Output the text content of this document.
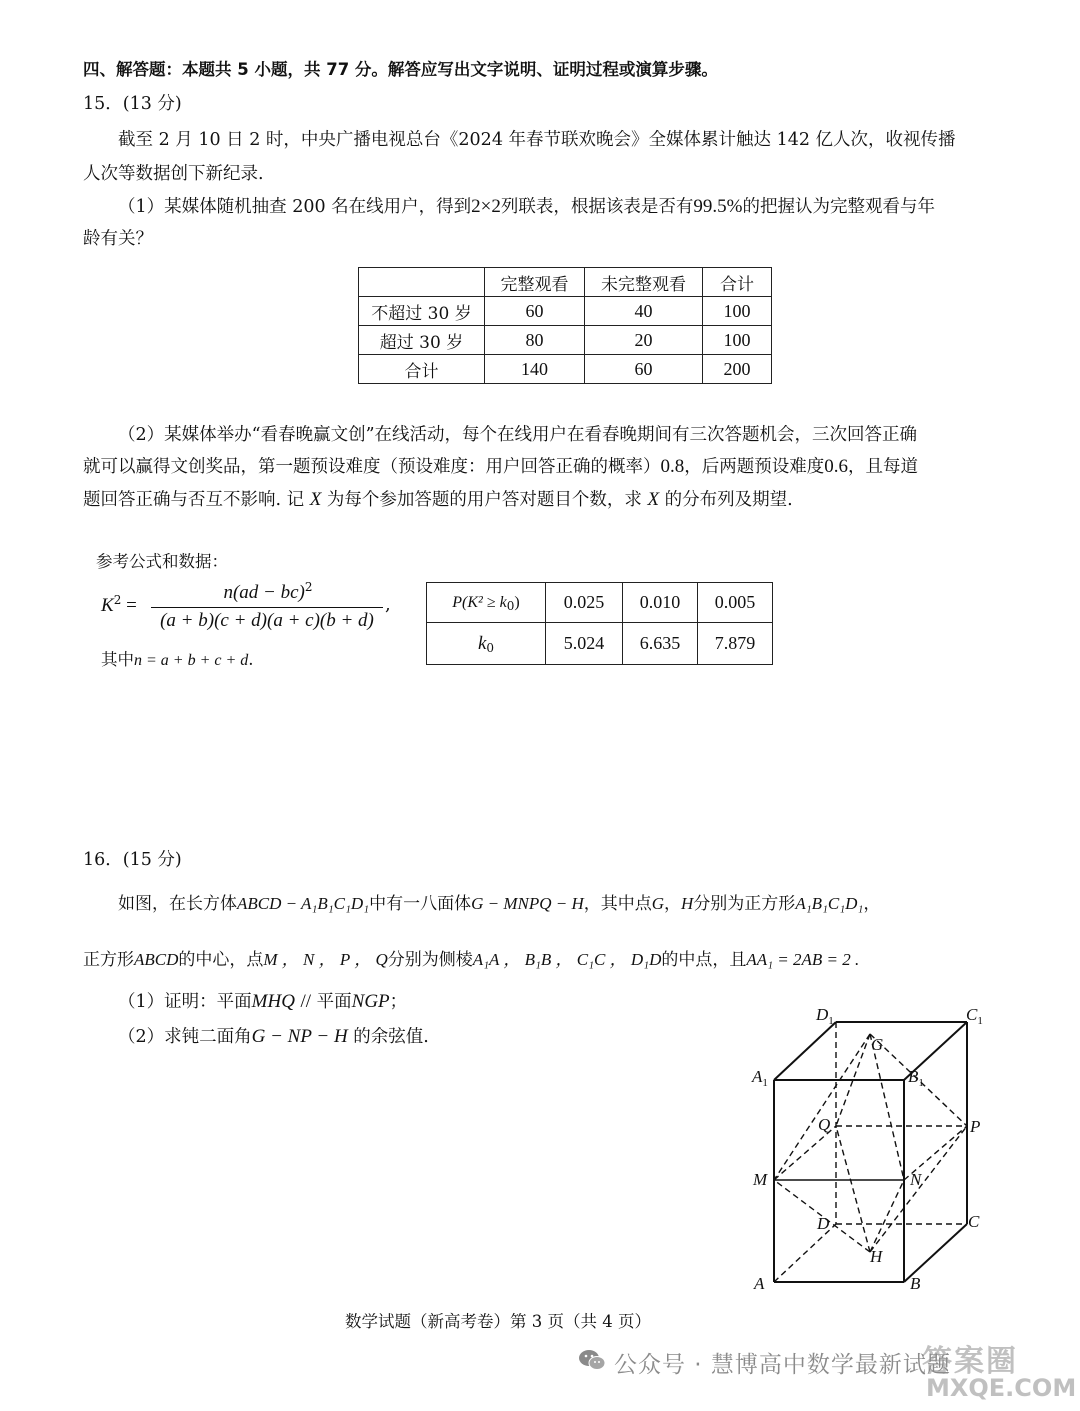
四、解答题：本题共 5 小题，共 77 分。解答应写出文字说明、证明过程或演算步骤。
15．(13 分)
截至 2 月 10 日 2 时，中央广播电视总台《2024 年春节联欢晚会》全媒体累计触达 142 亿人次，收视传播
人次等数据创下新纪录.
（1）某媒体随机抽查 200 名在线用户，得到2×2列联表，根据该表是否有99.5%的把握认为完整观看与年
龄有关？
	完整观看	未完整观看	合计
不超过 30 岁	60	40	100
超过 30 岁	80	20	100
合计	140	60	200
（2）某媒体举办“看春晚赢文创”在线活动，每个在线用户在看春晚期间有三次答题机会，三次回答正确
就可以赢得文创奖品，第一题预设难度（预设难度：用户回答正确的概率）0.8，后两题预设难度0.6，且每道
题回答正确与否互不影响. 记 X 为每个参加答题的用户答对题目个数，求 X 的分布列及期望.
参考公式和数据：
$K^2$ =
n(ad − bc)$^2$
(a + b)(c + d)(a + c)(b + d)
,
其中n = a + b + c + d.
$P(K^2 \ge k_0)$	0.025	0.010	0.005
$k_0$	5.024	6.635	7.879
16．(15 分)
如图，在长方体ABCD − A₁B₁C₁D₁中有一八面体G − MNPQ − H，其中点G，H分别为正方形A₁B₁C₁D₁，
正方形ABCD的中心，点M ， N ， P ， Q分别为侧棱A₁A ， B₁B ， C₁C ， D₁D的中点，且AA₁ = 2AB = 2 .
（1）证明：平面MHQ // 平面NGP；
（2）求钝二面角G − NP − H 的余弦值.
$D_1$	$C_1$
$A_1$	$B_1$
G
Q	P
M	N
D	C
H
A	B
数学试题（新高考卷）第 3 页（共 4 页）
公众号 · 慧博高中数学最新试题
答案圈
MXQE.COM
